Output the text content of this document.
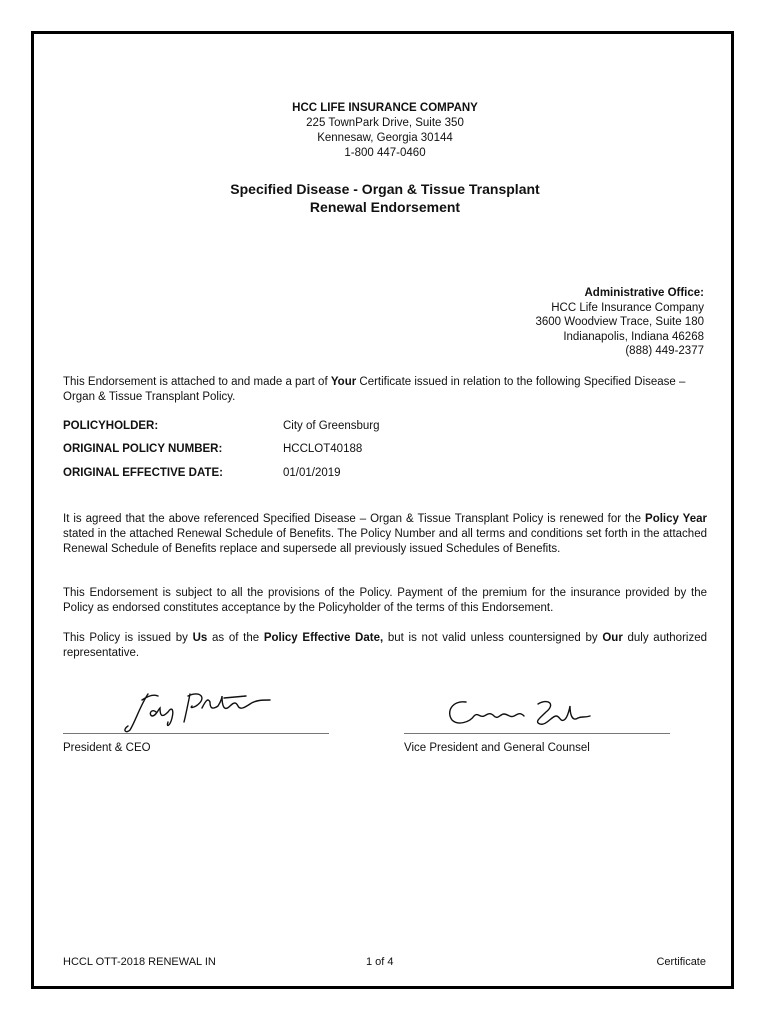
HCC LIFE INSURANCE COMPANY
225 TownPark Drive, Suite 350
Kennesaw, Georgia 30144
1-800 447-0460
Specified Disease - Organ & Tissue Transplant
Renewal Endorsement
Administrative Office:
HCC Life Insurance Company
3600 Woodview Trace, Suite 180
Indianapolis, Indiana 46268
(888) 449-2377
This Endorsement is attached to and made a part of Your Certificate issued in relation to the following Specified Disease – Organ & Tissue Transplant Policy.
POLICYHOLDER:	City of Greensburg
ORIGINAL POLICY NUMBER:	HCCLOT40188
ORIGINAL EFFECTIVE DATE:	01/01/2019
It is agreed that the above referenced Specified Disease – Organ & Tissue Transplant Policy is renewed for the Policy Year stated in the attached Renewal Schedule of Benefits. The Policy Number and all terms and conditions set forth in the attached Renewal Schedule of Benefits replace and supersede all previously issued Schedules of Benefits.
This Endorsement is subject to all the provisions of the Policy. Payment of the premium for the insurance provided by the Policy as endorsed constitutes acceptance by the Policyholder of the terms of this Endorsement.
This Policy is issued by Us as of the Policy Effective Date, but is not valid unless countersigned by Our duly authorized representative.
President & CEO	Vice President and General Counsel
HCCL OTT-2018 RENEWAL IN	1 of 4	Certificate
